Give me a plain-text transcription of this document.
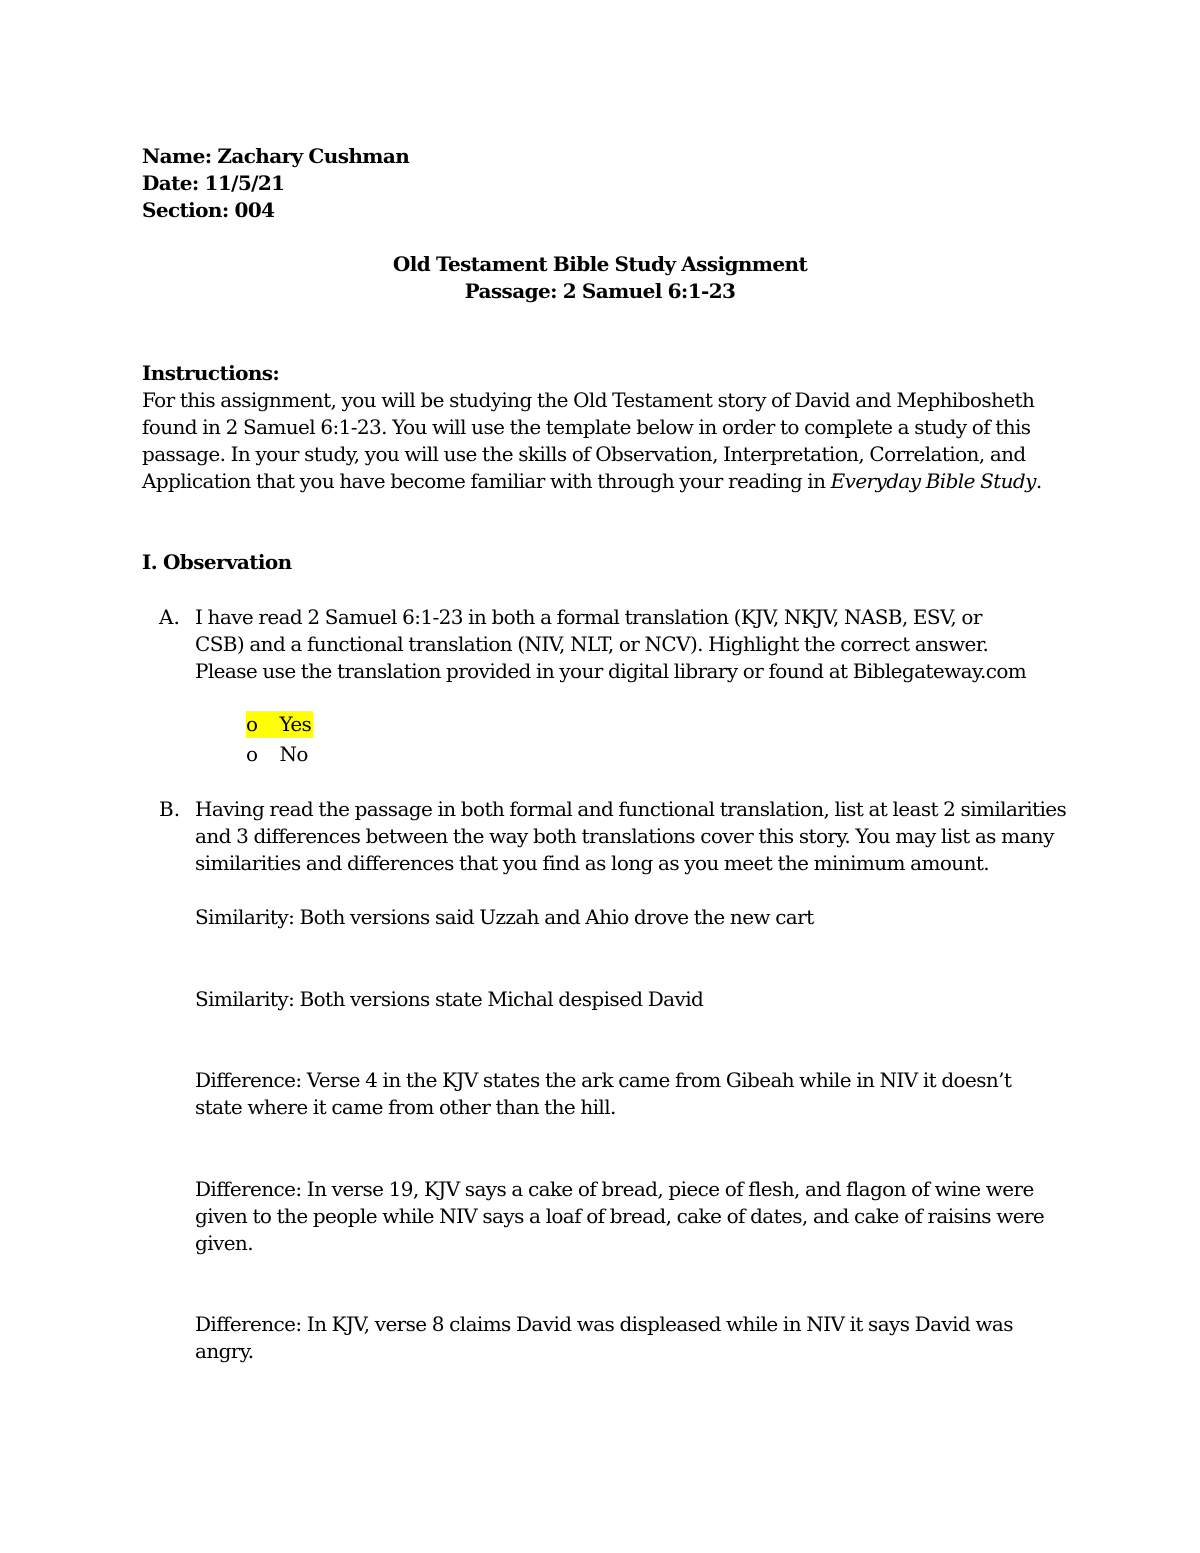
Name: Zachary Cushman
Date: 11/5/21
Section: 004
Old Testament Bible Study Assignment
Passage: 2 Samuel 6:1-23
Instructions:
For this assignment, you will be studying the Old Testament story of David and Mephibosheth
found in 2 Samuel 6:1-23. You will use the template below in order to complete a study of this
passage. In your study, you will use the skills of Observation, Interpretation, Correlation, and
Application that you have become familiar with through your reading in Everyday Bible Study.
I. Observation
A. I have read 2 Samuel 6:1-23 in both a formal translation (KJV, NKJV, NASB, ESV, or
CSB) and a functional translation (NIV, NLT, or NCV). Highlight the correct answer.
Please use the translation provided in your digital library or found at Biblegateway.com
o Yes
o No
B. Having read the passage in both formal and functional translation, list at least 2 similarities
and 3 differences between the way both translations cover this story. You may list as many
similarities and differences that you find as long as you meet the minimum amount.
Similarity: Both versions said Uzzah and Ahio drove the new cart
Similarity: Both versions state Michal despised David
Difference: Verse 4 in the KJV states the ark came from Gibeah while in NIV it doesn’t
state where it came from other than the hill.
Difference: In verse 19, KJV says a cake of bread, piece of flesh, and flagon of wine were
given to the people while NIV says a loaf of bread, cake of dates, and cake of raisins were
given.
Difference: In KJV, verse 8 claims David was displeased while in NIV it says David was
angry.
